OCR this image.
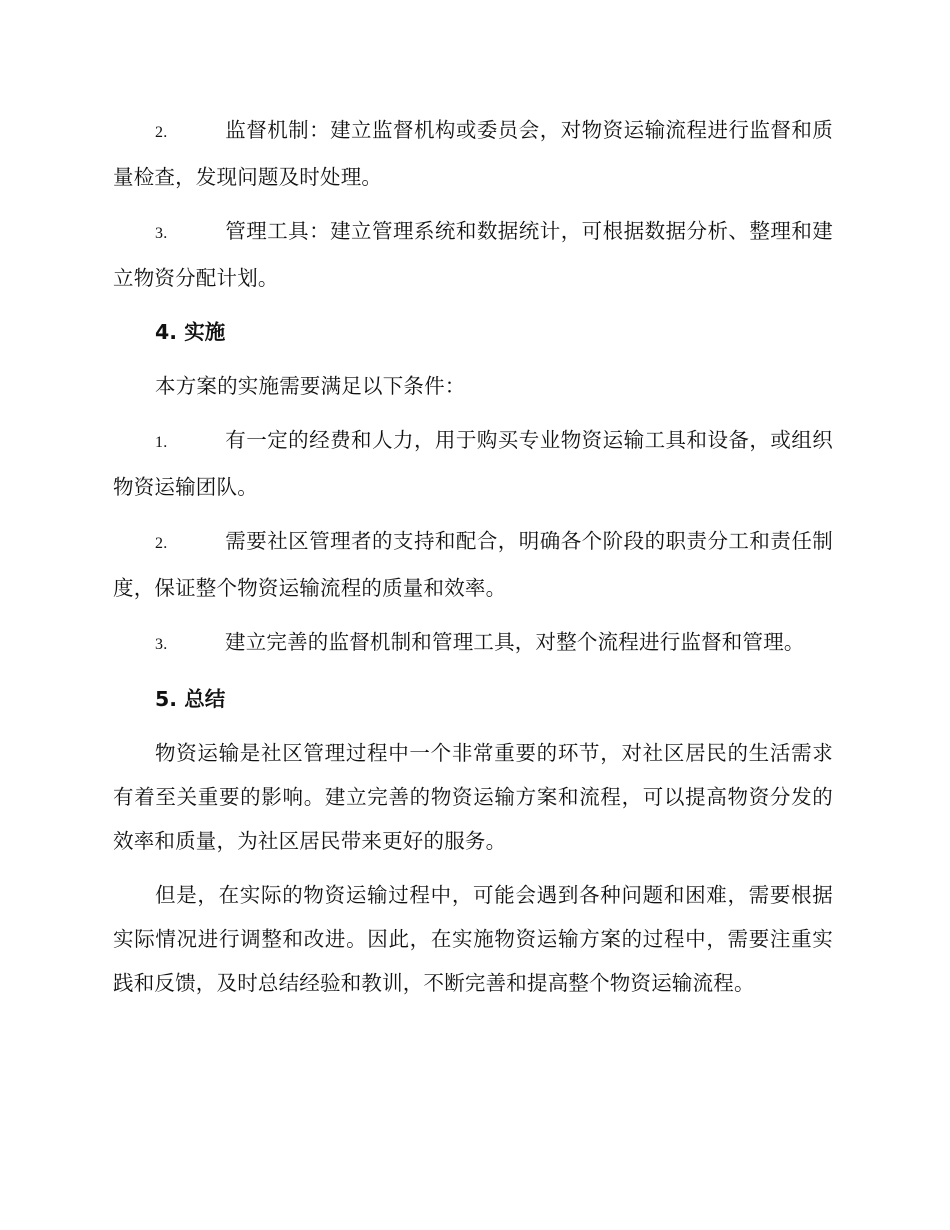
2.	监督机制：建立监督机构或委员会，对物资运输流程进行监督和质量检查，发现问题及时处理。

3.	管理工具：建立管理系统和数据统计，可根据数据分析、整理和建立物资分配计划。

4. 实施

本方案的实施需要满足以下条件：

1.	有一定的经费和人力，用于购买专业物资运输工具和设备，或组织物资运输团队。

2.	需要社区管理者的支持和配合，明确各个阶段的职责分工和责任制度，保证整个物资运输流程的质量和效率。

3.	建立完善的监督机制和管理工具，对整个流程进行监督和管理。

5. 总结

物资运输是社区管理过程中一个非常重要的环节，对社区居民的生活需求有着至关重要的影响。建立完善的物资运输方案和流程，可以提高物资分发的效率和质量，为社区居民带来更好的服务。

但是，在实际的物资运输过程中，可能会遇到各种问题和困难，需要根据实际情况进行调整和改进。因此，在实施物资运输方案的过程中，需要注重实践和反馈，及时总结经验和教训，不断完善和提高整个物资运输流程。
